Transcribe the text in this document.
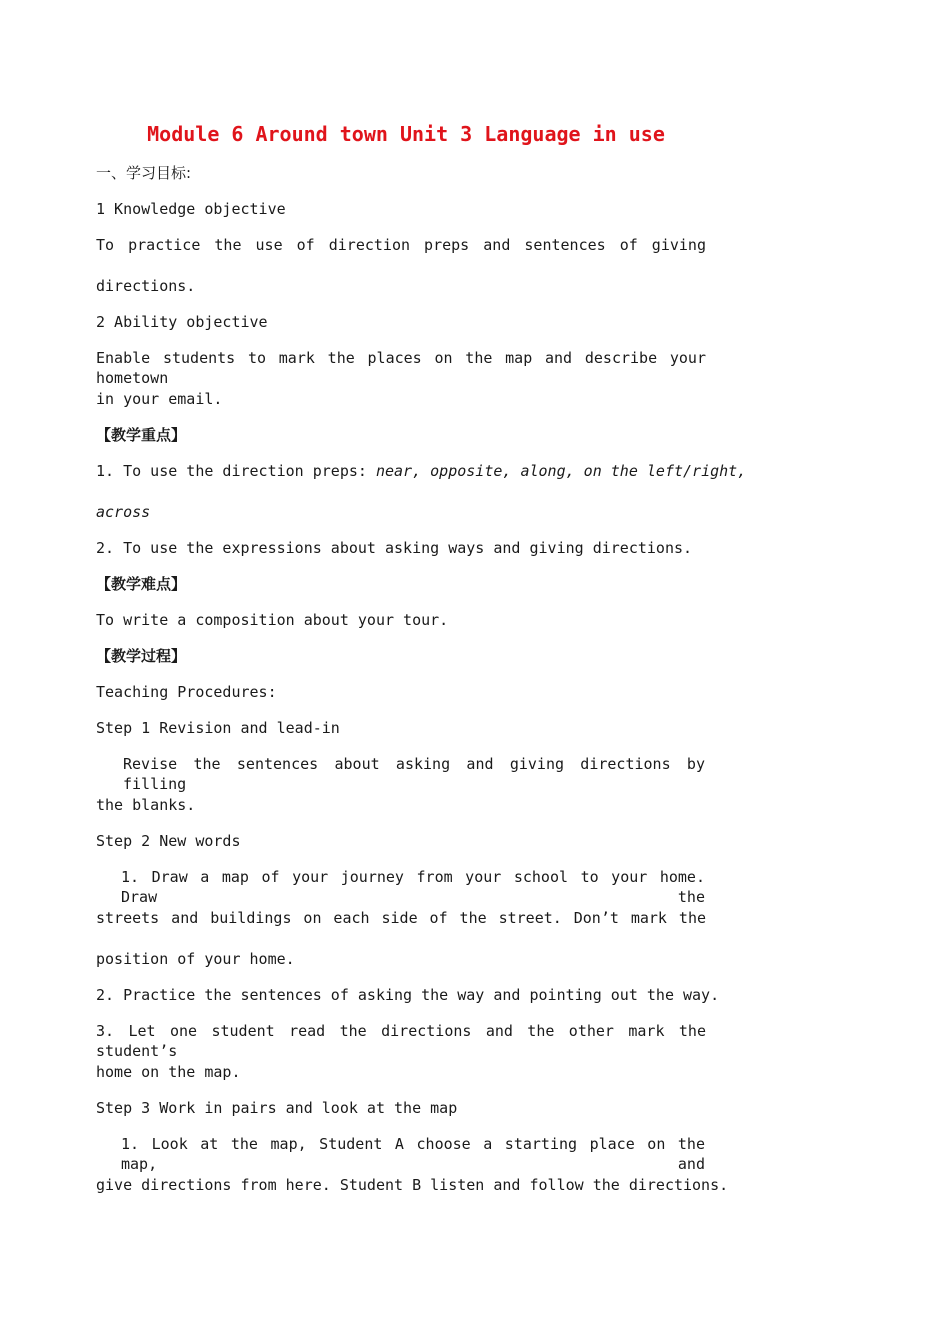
Module 6 Around town Unit 3 Language in use
一、学习目标:
1 Knowledge objective
To practice the use of direction preps and sentences of giving
directions.
2 Ability objective
Enable students to mark the places on the map and describe your hometown
in your email.
【教学重点】
1. To use the direction preps: near, opposite, along, on the left/right,
across
2. To use the expressions about asking ways and giving directions.
【教学难点】
To write a composition about your tour.
【教学过程】
Teaching Procedures:
Step 1 Revision and lead-in
Revise the sentences about asking and giving directions by filling
the blanks.
Step 2 New words
1. Draw a map of your journey from your school to your home. Draw the
streets and buildings on each side of the street. Don’t mark the
position of your home.
2. Practice the sentences of asking the way and pointing out the way.
3. Let one student read the directions and the other mark the student’s
home on the map.
Step 3 Work in pairs and look at the map
1. Look at the map, Student A choose a starting place on the map, and
give directions from here. Student B listen and follow the directions.
